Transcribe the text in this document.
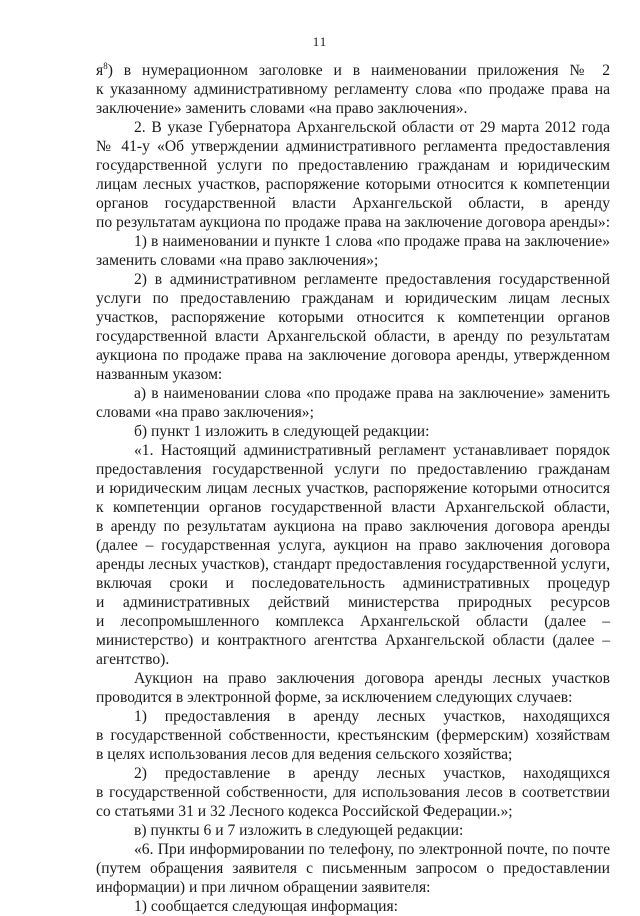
11
$я^8$) в нумерационном заголовке и в наименовании приложения № 2
к указанному административному регламенту слова «по продаже права на
заключение» заменить словами «на право заключения».
2. В указе Губернатора Архангельской области от 29 марта 2012 года
№ 41-у «Об утверждении административного регламента предоставления
государственной услуги по предоставлению гражданам и юридическим
лицам лесных участков, распоряжение которыми относится к компетенции
органов государственной власти Архангельской области, в аренду
по результатам аукциона по продаже права на заключение договора аренды»:
1) в наименовании и пункте 1 слова «по продаже права на заключение»
заменить словами «на право заключения»;
2) в административном регламенте предоставления государственной
услуги по предоставлению гражданам и юридическим лицам лесных
участков, распоряжение которыми относится к компетенции органов
государственной власти Архангельской области, в аренду по результатам
аукциона по продаже права на заключение договора аренды, утвержденном
названным указом:
а) в наименовании слова «по продаже права на заключение» заменить
словами «на право заключения»;
б) пункт 1 изложить в следующей редакции:
«1. Настоящий административный регламент устанавливает порядок
предоставления государственной услуги по предоставлению гражданам
и юридическим лицам лесных участков, распоряжение которыми относится
к компетенции органов государственной власти Архангельской области,
в аренду по результатам аукциона на право заключения договора аренды
(далее – государственная услуга, аукцион на право заключения договора
аренды лесных участков), стандарт предоставления государственной услуги,
включая сроки и последовательность административных процедур
и административных действий министерства природных ресурсов
и лесопромышленного комплекса Архангельской области (далее –
министерство) и контрактного агентства Архангельской области (далее –
агентство).
Аукцион на право заключения договора аренды лесных участков
проводится в электронной форме, за исключением следующих случаев:
1) предоставления в аренду лесных участков, находящихся
в государственной собственности, крестьянским (фермерским) хозяйствам
в целях использования лесов для ведения сельского хозяйства;
2) предоставление в аренду лесных участков, находящихся
в государственной собственности, для использования лесов в соответствии
со статьями 31 и 32 Лесного кодекса Российской Федерации.»;
в) пункты 6 и 7 изложить в следующей редакции:
«6. При информировании по телефону, по электронной почте, по почте
(путем обращения заявителя с письменным запросом о предоставлении
информации) и при личном обращении заявителя:
1) сообщается следующая информация:
